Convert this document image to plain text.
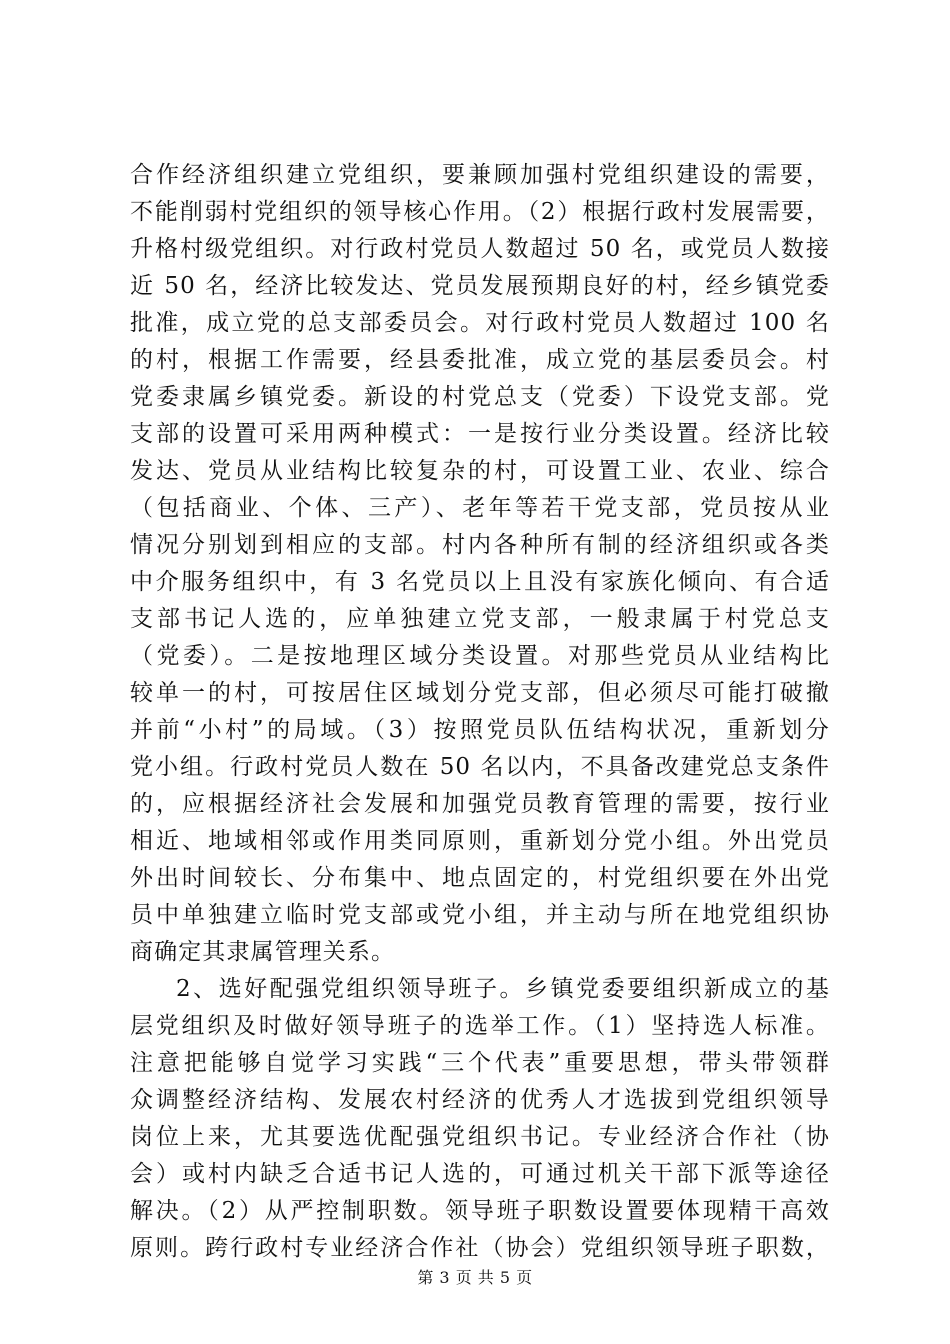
合作经济组织建立党组织，要兼顾加强村党组织建设的需要，
不能削弱村党组织的领导核心作用。（2）根据行政村发展需要，
升格村级党组织。对行政村党员人数超过 50 名，或党员人数接
近 50 名，经济比较发达、党员发展预期良好的村，经乡镇党委
批准，成立党的总支部委员会。对行政村党员人数超过 100 名
的村，根据工作需要，经县委批准，成立党的基层委员会。村
党委隶属乡镇党委。新设的村党总支（党委）下设党支部。党
支部的设置可采用两种模式：一是按行业分类设置。经济比较
发达、党员从业结构比较复杂的村，可设置工业、农业、综合
（包括商业、个体、三产）、老年等若干党支部，党员按从业
情况分别划到相应的支部。村内各种所有制的经济组织或各类
中介服务组织中，有 3 名党员以上且没有家族化倾向、有合适
支部书记人选的，应单独建立党支部，一般隶属于村党总支
（党委）。二是按地理区域分类设置。对那些党员从业结构比
较单一的村，可按居住区域划分党支部，但必须尽可能打破撤
并前“小村”的局域。（3）按照党员队伍结构状况，重新划分
党小组。行政村党员人数在 50 名以内，不具备改建党总支条件
的，应根据经济社会发展和加强党员教育管理的需要，按行业
相近、地域相邻或作用类同原则，重新划分党小组。外出党员
外出时间较长、分布集中、地点固定的，村党组织要在外出党
员中单独建立临时党支部或党小组，并主动与所在地党组织协
商确定其隶属管理关系。
2、选好配强党组织领导班子。乡镇党委要组织新成立的基
层党组织及时做好领导班子的选举工作。（1）坚持选人标准。
注意把能够自觉学习实践“三个代表”重要思想，带头带领群
众调整经济结构、发展农村经济的优秀人才选拔到党组织领导
岗位上来，尤其要选优配强党组织书记。专业经济合作社（协
会）或村内缺乏合适书记人选的，可通过机关干部下派等途径
解决。（2）从严控制职数。领导班子职数设置要体现精干高效
原则。跨行政村专业经济合作社（协会）党组织领导班子职数，
第 3 页 共 5 页
